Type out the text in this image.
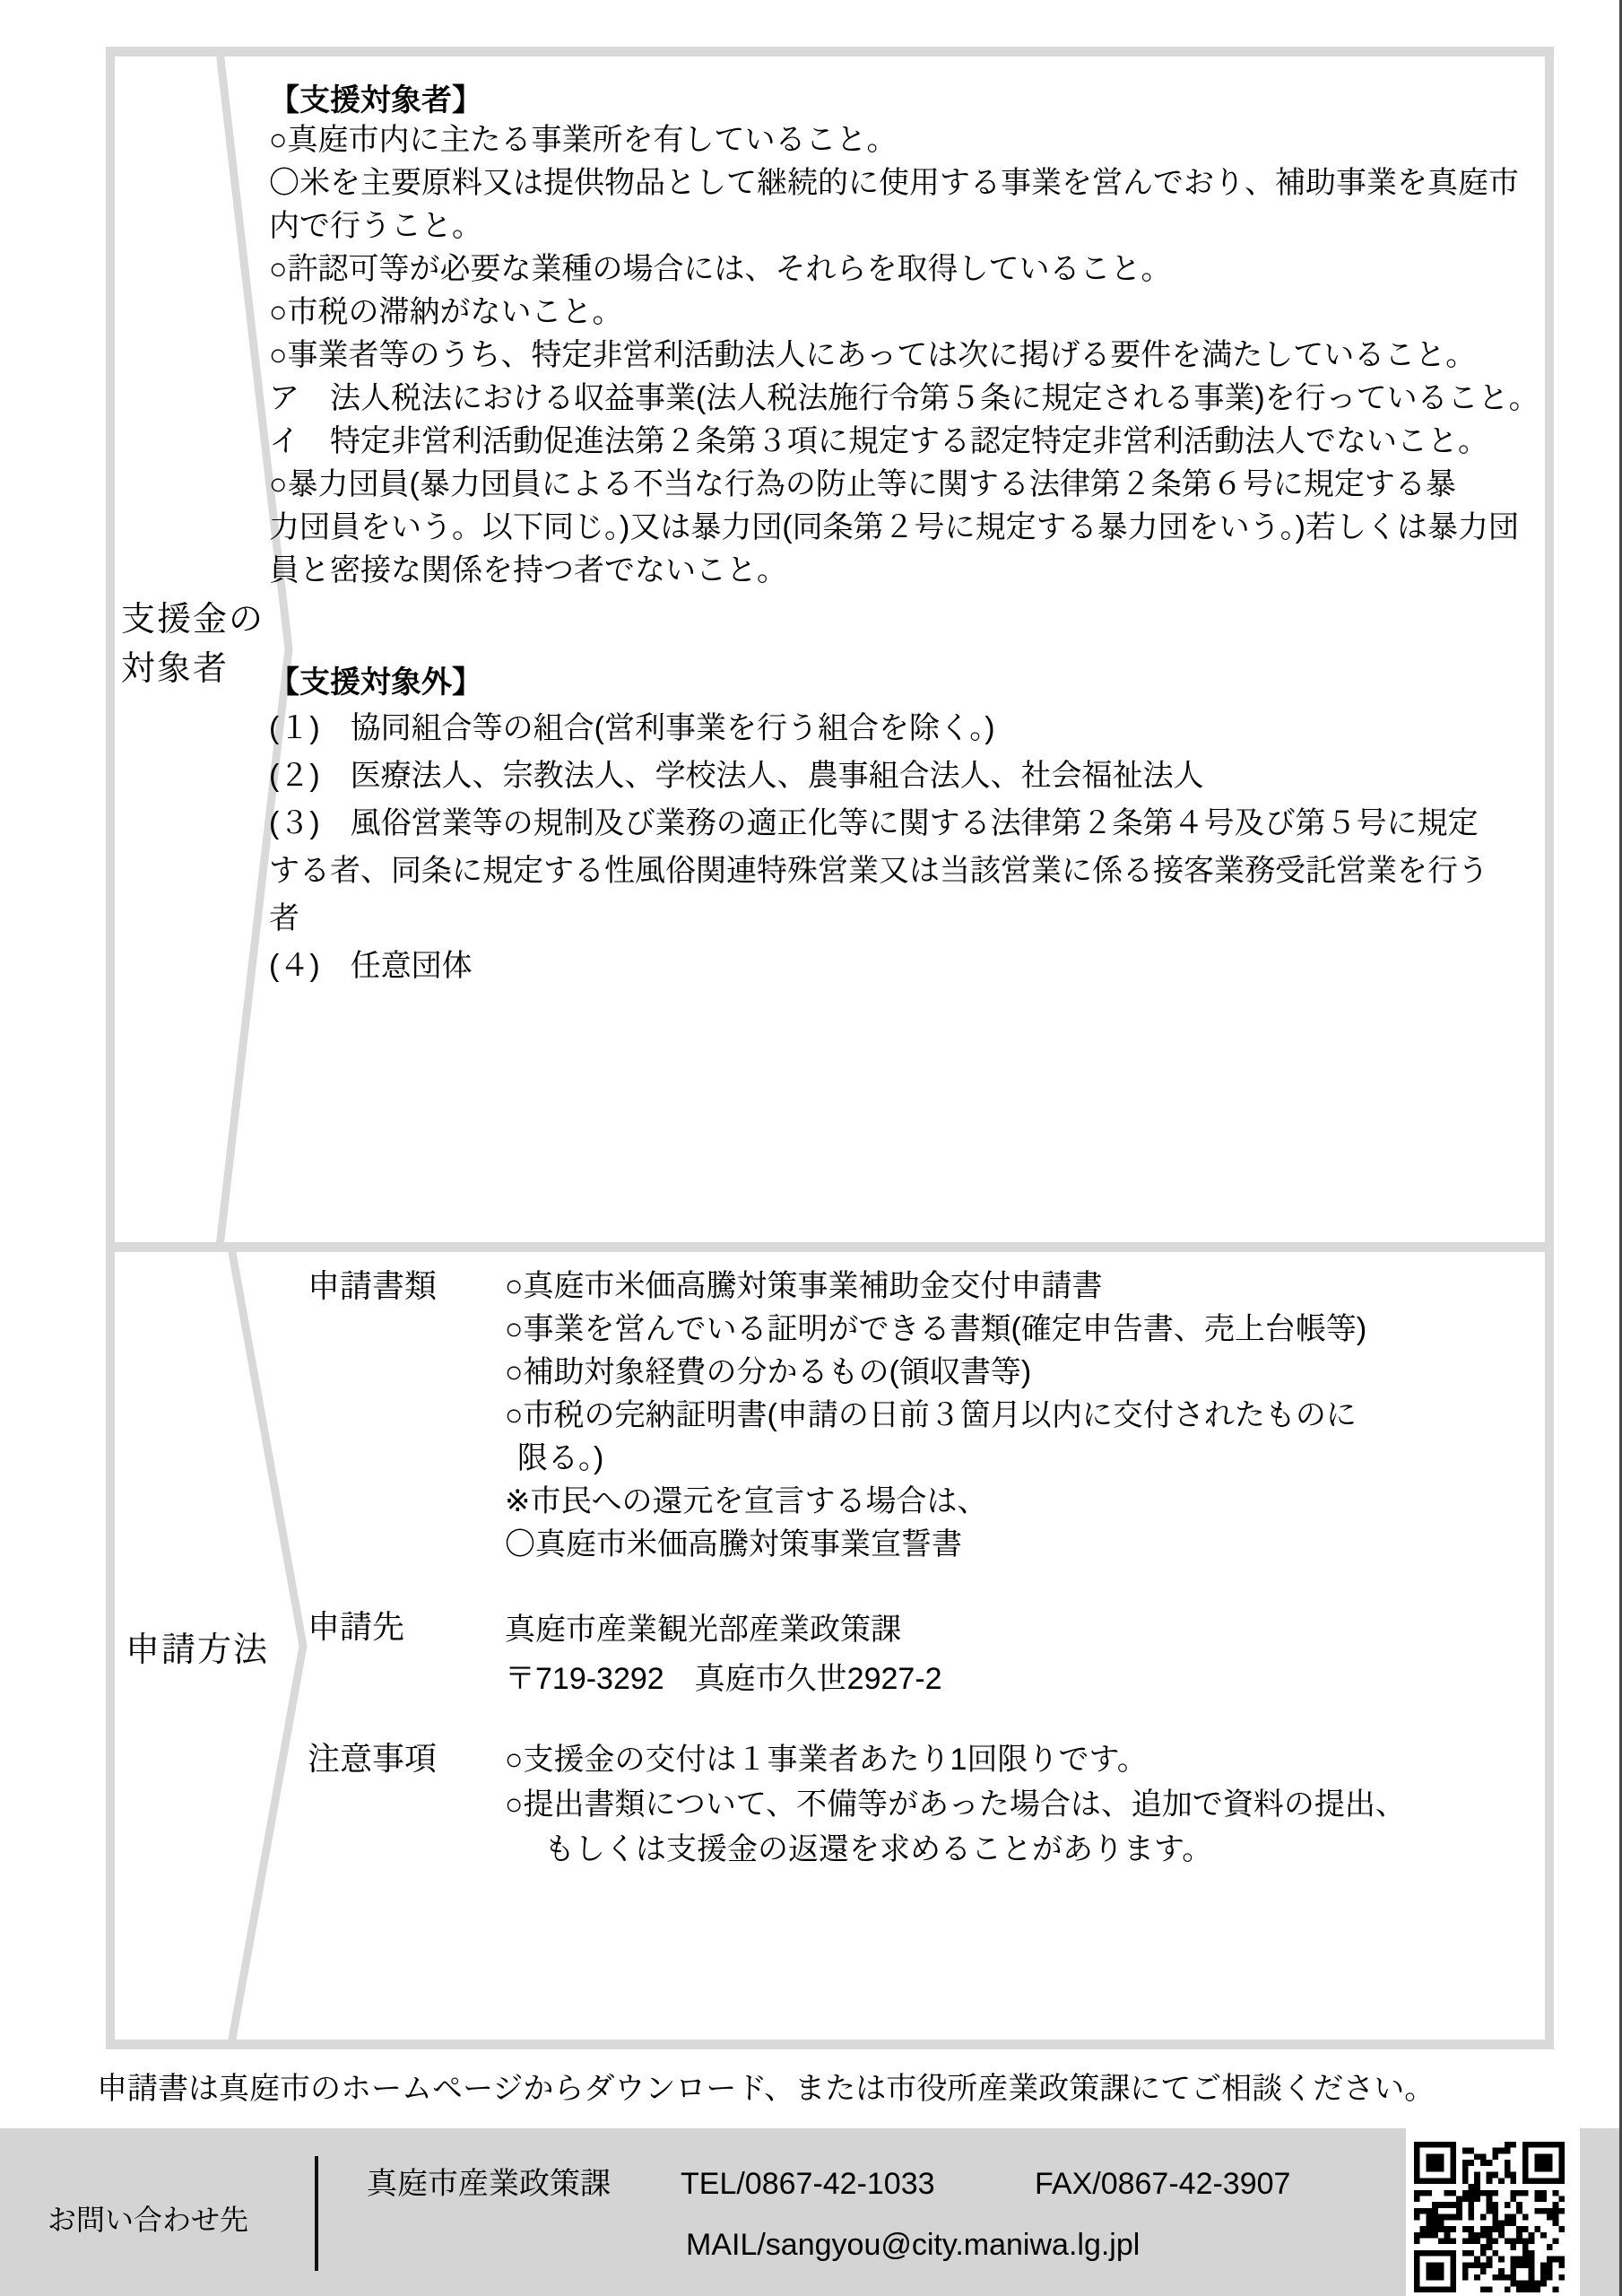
支援金の
対象者
【支援対象者】
○真庭市内に主たる事業所を有していること。
〇米を主要原料又は提供物品として継続的に使用する事業を営んでおり、補助事業を真庭市
内で行うこと。
○許認可等が必要な業種の場合には、それらを取得していること。
○市税の滞納がないこと。
○事業者等のうち、特定非営利活動法人にあっては次に掲げる要件を満たしていること。
ア　法人税法における収益事業(法人税法施行令第５条に規定される事業)を行っていること。
イ　特定非営利活動促進法第２条第３項に規定する認定特定非営利活動法人でないこと。
○暴力団員(暴力団員による不当な行為の防止等に関する法律第２条第６号に規定する暴
力団員をいう。以下同じ。)又は暴力団(同条第２号に規定する暴力団をいう。)若しくは暴力団
員と密接な関係を持つ者でないこと。
【支援対象外】
(１)　協同組合等の組合(営利事業を行う組合を除く。)
(２)　医療法人、宗教法人、学校法人、農事組合法人、社会福祉法人
(３)　風俗営業等の規制及び業務の適正化等に関する法律第２条第４号及び第５号に規定
する者、同条に規定する性風俗関連特殊営業又は当該営業に係る接客業務受託営業を行う
者
(４)　任意団体
申請方法
申請書類 ○真庭市米価高騰対策事業補助金交付申請書
○事業を営んでいる証明ができる書類(確定申告書、売上台帳等)
○補助対象経費の分かるもの(領収書等)
○市税の完納証明書(申請の日前３箇月以内に交付されたものに
限る。)
※市民への還元を宣言する場合は、
〇真庭市米価高騰対策事業宣誓書
申請先	真庭市産業観光部産業政策課
〒719-3292　真庭市久世2927-2
注意事項 ○支援金の交付は１事業者あたり1回限りです。
○提出書類について、不備等があった場合は、追加で資料の提出、
もしくは支援金の返還を求めることがあります。
申請書は真庭市のホームページからダウンロード、または市役所産業政策課にてご相談ください。
お問い合わせ先
真庭市産業政策課 TEL/0867-42-1033	FAX/0867-42-3907
MAIL/sangyou@city.maniwa.lg.jpl
